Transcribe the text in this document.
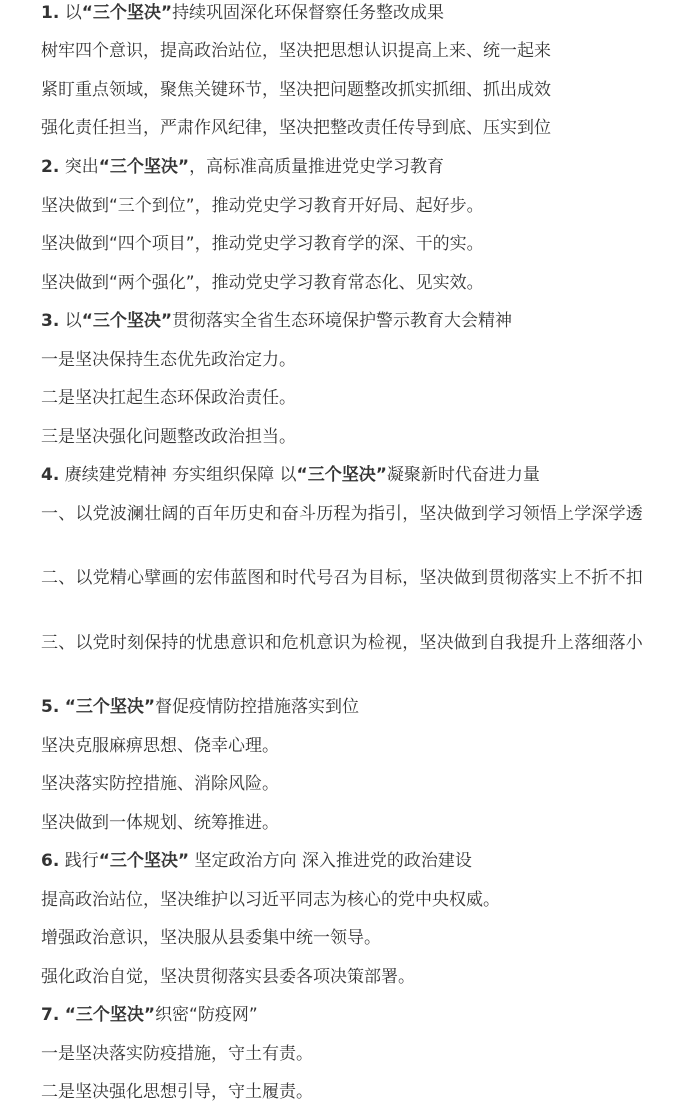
1. 以“三个坚决”持续巩固深化环保督察任务整改成果
树牢四个意识，提高政治站位，坚决把思想认识提高上来、统一起来
紧盯重点领域，聚焦关键环节，坚决把问题整改抓实抓细、抓出成效
强化责任担当，严肃作风纪律，坚决把整改责任传导到底、压实到位
2. 突出“三个坚决”，高标准高质量推进党史学习教育
坚决做到“三个到位”，推动党史学习教育开好局、起好步。
坚决做到“四个项目”，推动党史学习教育学的深、干的实。
坚决做到“两个强化”，推动党史学习教育常态化、见实效。
3. 以“三个坚决”贯彻落实全省生态环境保护警示教育大会精神
一是坚决保持生态优先政治定力。
二是坚决扛起生态环保政治责任。
三是坚决强化问题整改政治担当。
4. 赓续建党精神 夯实组织保障 以“三个坚决”凝聚新时代奋进力量
一、以党波澜壮阔的百年历史和奋斗历程为指引，坚决做到学习领悟上学深学透
二、以党精心擘画的宏伟蓝图和时代号召为目标，坚决做到贯彻落实上不折不扣
三、以党时刻保持的忧患意识和危机意识为检视，坚决做到自我提升上落细落小
5. “三个坚决”督促疫情防控措施落实到位
坚决克服麻痹思想、侥幸心理。
坚决落实防控措施、消除风险。
坚决做到一体规划、统筹推进。
6. 践行“三个坚决” 坚定政治方向 深入推进党的政治建设
提高政治站位，坚决维护以习近平同志为核心的党中央权威。
增强政治意识，坚决服从县委集中统一领导。
强化政治自觉，坚决贯彻落实县委各项决策部署。
7. “三个坚决”织密“防疫网”
一是坚决落实防疫措施，守土有责。
二是坚决强化思想引导，守土履责。
